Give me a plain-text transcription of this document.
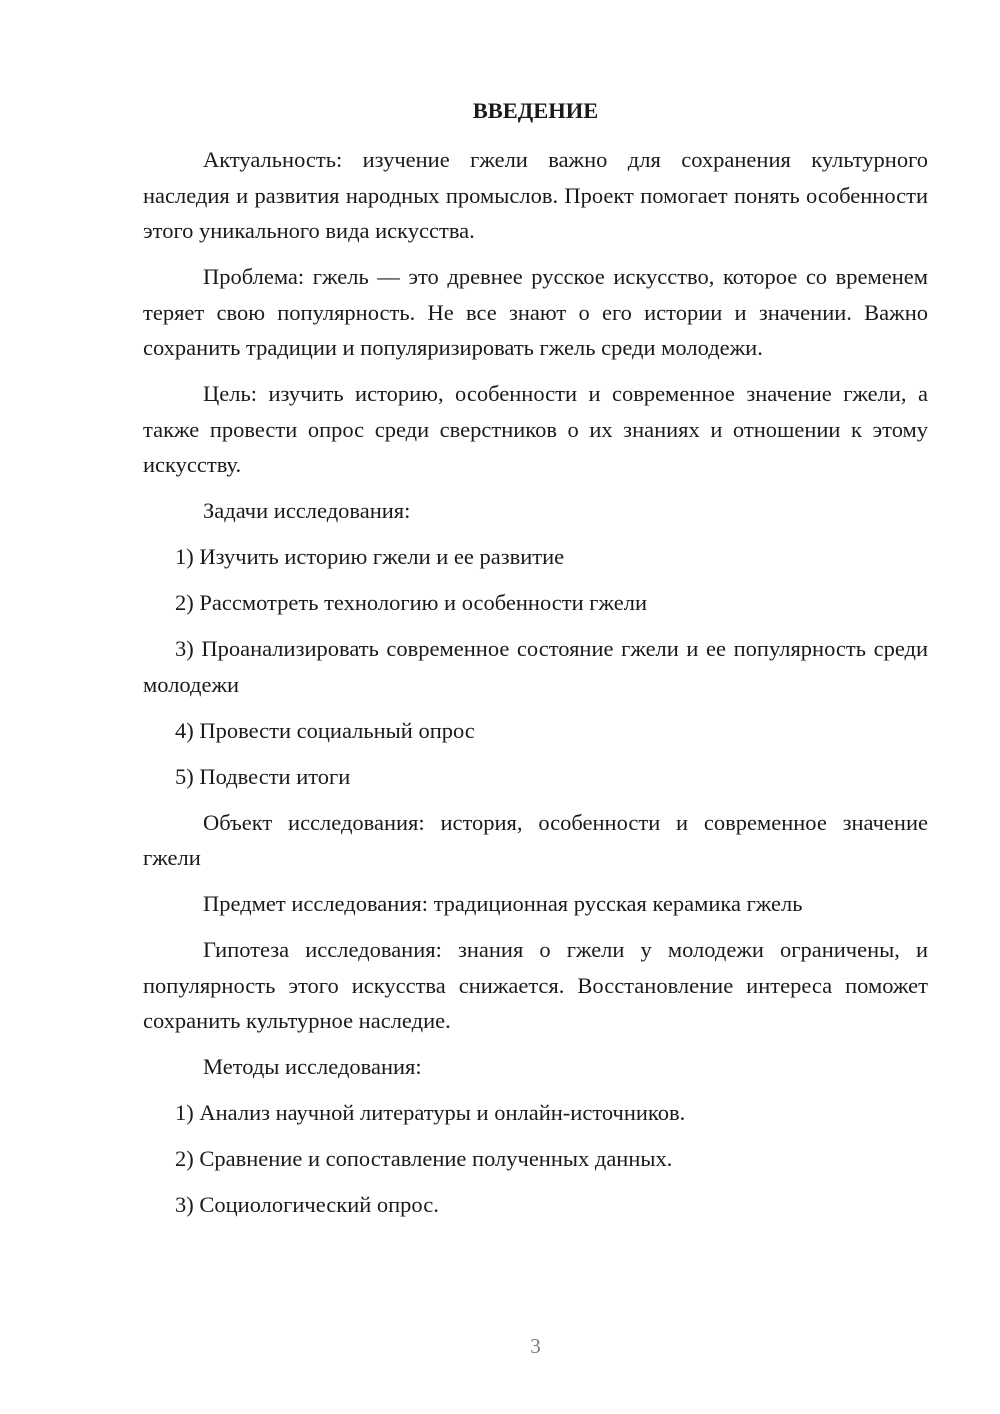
ВВЕДЕНИЕ

Актуальность: изучение гжели важно для сохранения культурного наследия и развития народных промыслов. Проект помогает понять особенности этого уникального вида искусства.

Проблема: гжель — это древнее русское искусство, которое со временем теряет свою популярность. Не все знают о его истории и значении. Важно сохранить традиции и популяризировать гжель среди молодежи.

Цель: изучить историю, особенности и современное значение гжели, а также провести опрос среди сверстников о их знаниях и отношении к этому искусству.

Задачи исследования:

1) Изучить историю гжели и ее развитие

2) Рассмотреть технологию и особенности гжели

3) Проанализировать современное состояние гжели и ее популярность среди молодежи

4) Провести социальный опрос

5) Подвести итоги

Объект исследования: история, особенности и современное значение гжели

Предмет исследования: традиционная русская керамика гжель

Гипотеза исследования: знания о гжели у молодежи ограничены, и популярность этого искусства снижается. Восстановление интереса поможет сохранить культурное наследие.

Методы исследования:

1) Анализ научной литературы и онлайн-источников.

2) Сравнение и сопоставление полученных данных.

3) Социологический опрос.

3
